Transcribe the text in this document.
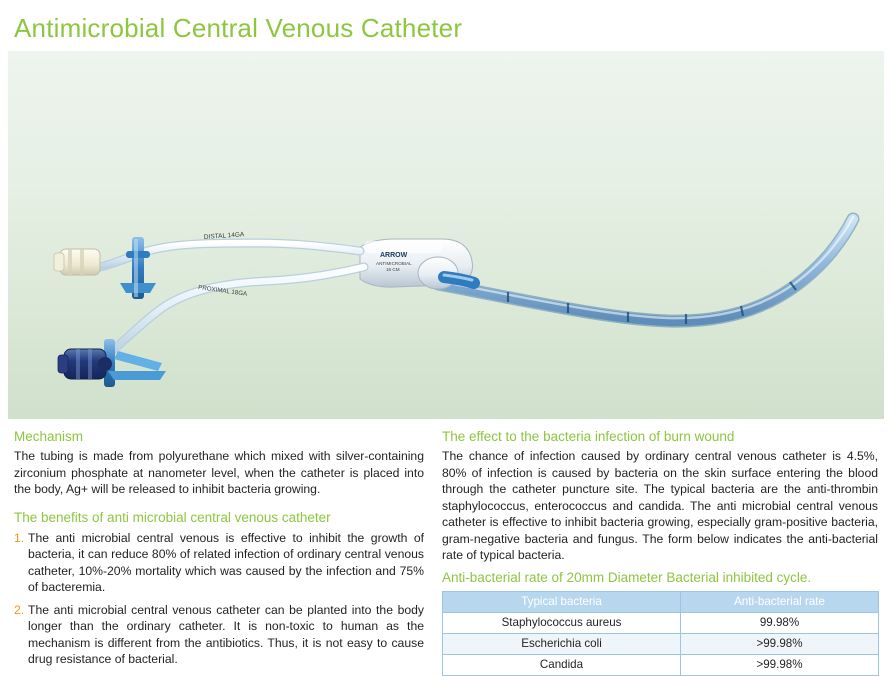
Antimicrobial Central Venous Catheter
ARROW
ANTIMICROBIAL
16 CM
DISTAL 14GA
PROXIMAL 18GA
Mechanism

The tubing is made from polyurethane which mixed with silver-containing zirconium phosphate at nanometer level, when the catheter is placed into the body, Ag+ will be released to inhibit bacteria growing.

The benefits of anti microbial central venous catheter
1. The anti microbial central venous is effective to inhibit the growth of bacteria, it can reduce 80% of related infection of ordinary central venous catheter, 10%-20% mortality which was caused by the infection and 75% of bacteremia.
2. The anti microbial central venous catheter can be planted into the body longer than the ordinary catheter. It is non-toxic to human as the mechanism is different from the antibiotics. Thus, it is not easy to cause drug resistance of bacterial.
The effect to the bacteria infection of burn wound

The chance of infection caused by ordinary central venous catheter is 4.5%, 80% of infection is caused by bacteria on the skin surface entering the blood through the catheter puncture site. The typical bacteria are the anti-thrombin staphylococcus, enterococcus and candida. The anti microbial central venous catheter is effective to inhibit bacteria growing, especially gram-positive bacteria, gram-negative bacteria and fungus. The form below indicates the anti-bacterial rate of typical bacteria.

Anti-bacterial rate of 20mm Diameter Bacterial inhibited cycle.
Typical bacteria	Anti-bacterial rate
Staphylococcus aureus	99.98%
Escherichia coli	>99.98%
Candida	>99.98%
